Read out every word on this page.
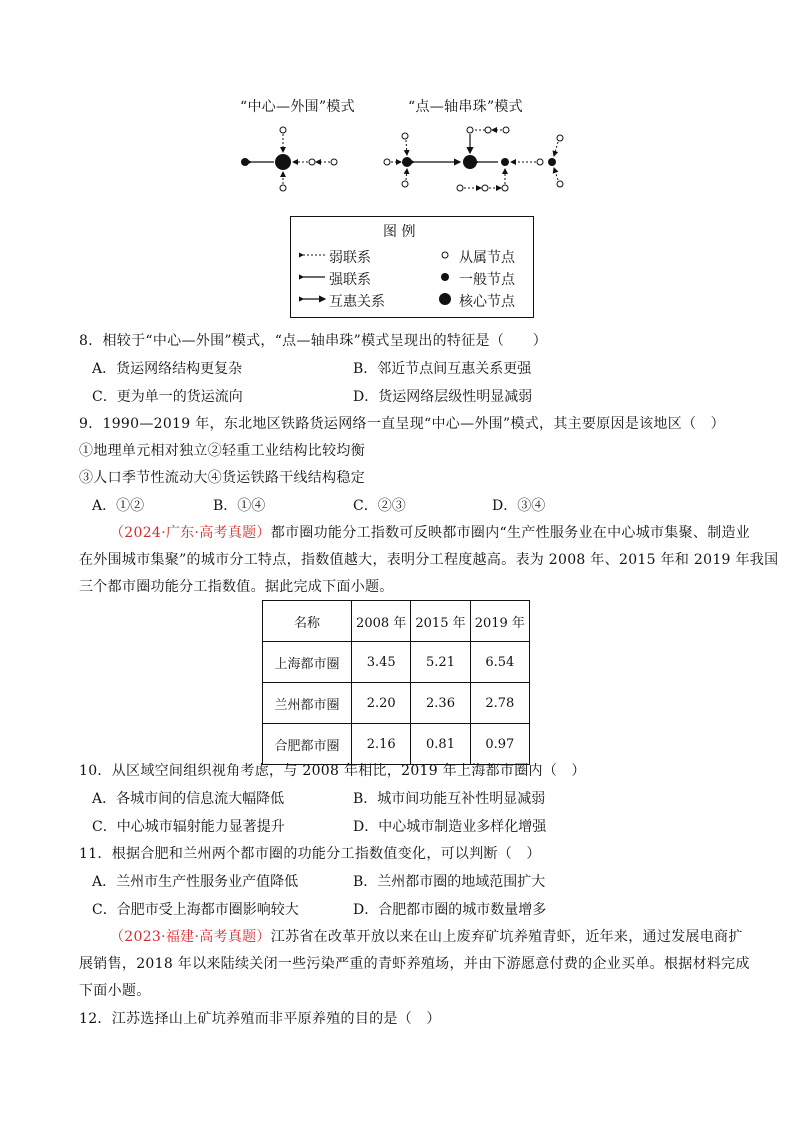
“中心—外围”模式	“点—轴串珠”模式
图 例
弱联系
强联系
互惠关系
从属节点
一般节点
核心节点
8．相较于“中心—外围”模式，“点—轴串珠”模式呈现出的特征是（　　）
A．货运网络结构更复杂	B．邻近节点间互惠关系更强
C．更为单一的货运流向	D．货运网络层级性明显减弱
9．1990—2019 年，东北地区铁路货运网络一直呈现“中心—外围”模式，其主要原因是该地区（　）
①地理单元相对独立②轻重工业结构比较均衡
③人口季节性流动大④货运铁路干线结构稳定
A．①②	B．①④	C．②③	D．③④
（2024·广东·高考真题）都市圈功能分工指数可反映都市圈内“生产性服务业在中心城市集聚、制造业
在外围城市集聚”的城市分工特点，指数值越大，表明分工程度越高。表为 2008 年、2015 年和 2019 年我国
三个都市圈功能分工指数值。据此完成下面小题。
名称	2008 年	2015 年	2019 年
上海都市圈	3.45	5.21	6.54
兰州都市圈	2.20	2.36	2.78
合肥都市圈	2.16	0.81	0.97
10．从区域空间组织视角考虑，与 2008 年相比，2019 年上海都市圈内（　）
A．各城市间的信息流大幅降低	B．城市间功能互补性明显减弱
C．中心城市辐射能力显著提升	D．中心城市制造业多样化增强
11．根据合肥和兰州两个都市圈的功能分工指数值变化，可以判断（　）
A．兰州市生产性服务业产值降低	B．兰州都市圈的地域范围扩大
C．合肥市受上海都市圈影响较大	D．合肥都市圈的城市数量增多
（2023·福建·高考真题）江苏省在改革开放以来在山上废弃矿坑养殖青虾，近年来，通过发展电商扩
展销售，2018 年以来陆续关闭一些污染严重的青虾养殖场，并由下游愿意付费的企业买单。根据材料完成
下面小题。
12．江苏选择山上矿坑养殖而非平原养殖的目的是（　）
